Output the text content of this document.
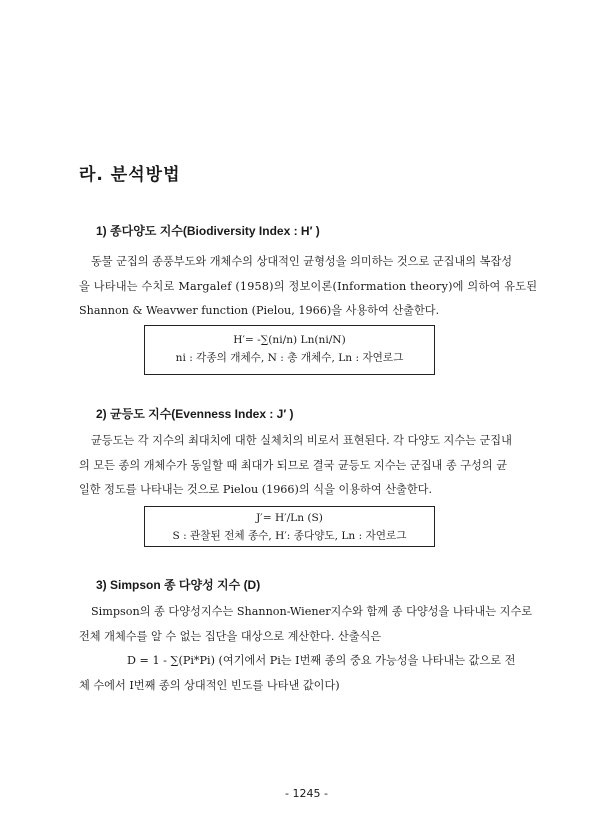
라. 분석방법
1) 종다양도 지수(Biodiversity Index : H′ )

동물 군집의 종풍부도와 개체수의 상대적인 균형성을 의미하는 것으로 군집내의 복잡성

을 나타내는 수치로 Margalef (1958)의 정보이론(Information theory)에 의하여 유도된

Shannon & Weavwer function (Pielou, 1966)을 사용하여 산출한다.

H′= -∑(ni/n) Ln(ni/N)

ni : 각종의 개체수, N : 총 개체수, Ln : 자연로그

2) 균등도 지수(Evenness Index : J′ )

균등도는 각 지수의 최대치에 대한 실체치의 비로서 표현된다. 각 다양도 지수는 군집내

의 모든 종의 개체수가 동일할 때 최대가 되므로 결국 균등도 지수는 군집내 종 구성의 균

일한 정도를 나타내는 것으로 Pielou (1966)의 식을 이용하여 산출한다.

J′= H′/Ln (S)

S : 관찰된 전체 종수, H′: 종다양도, Ln : 자연로그

3) Simpson 종 다양성 지수 (D)

Simpson의 종 다양성지수는 Shannon-Wiener지수와 함께 종 다양성을 나타내는 지수로

전체 개체수를 알 수 없는 집단을 대상으로 계산한다. 산출식은

D = 1 - ∑(Pi*Pi) (여기에서 Pi는 I번째 종의 중요 가능성을 나타내는 값으로 전

체 수에서 I번째 종의 상대적인 빈도를 나타낸 값이다)

- 1245 -
